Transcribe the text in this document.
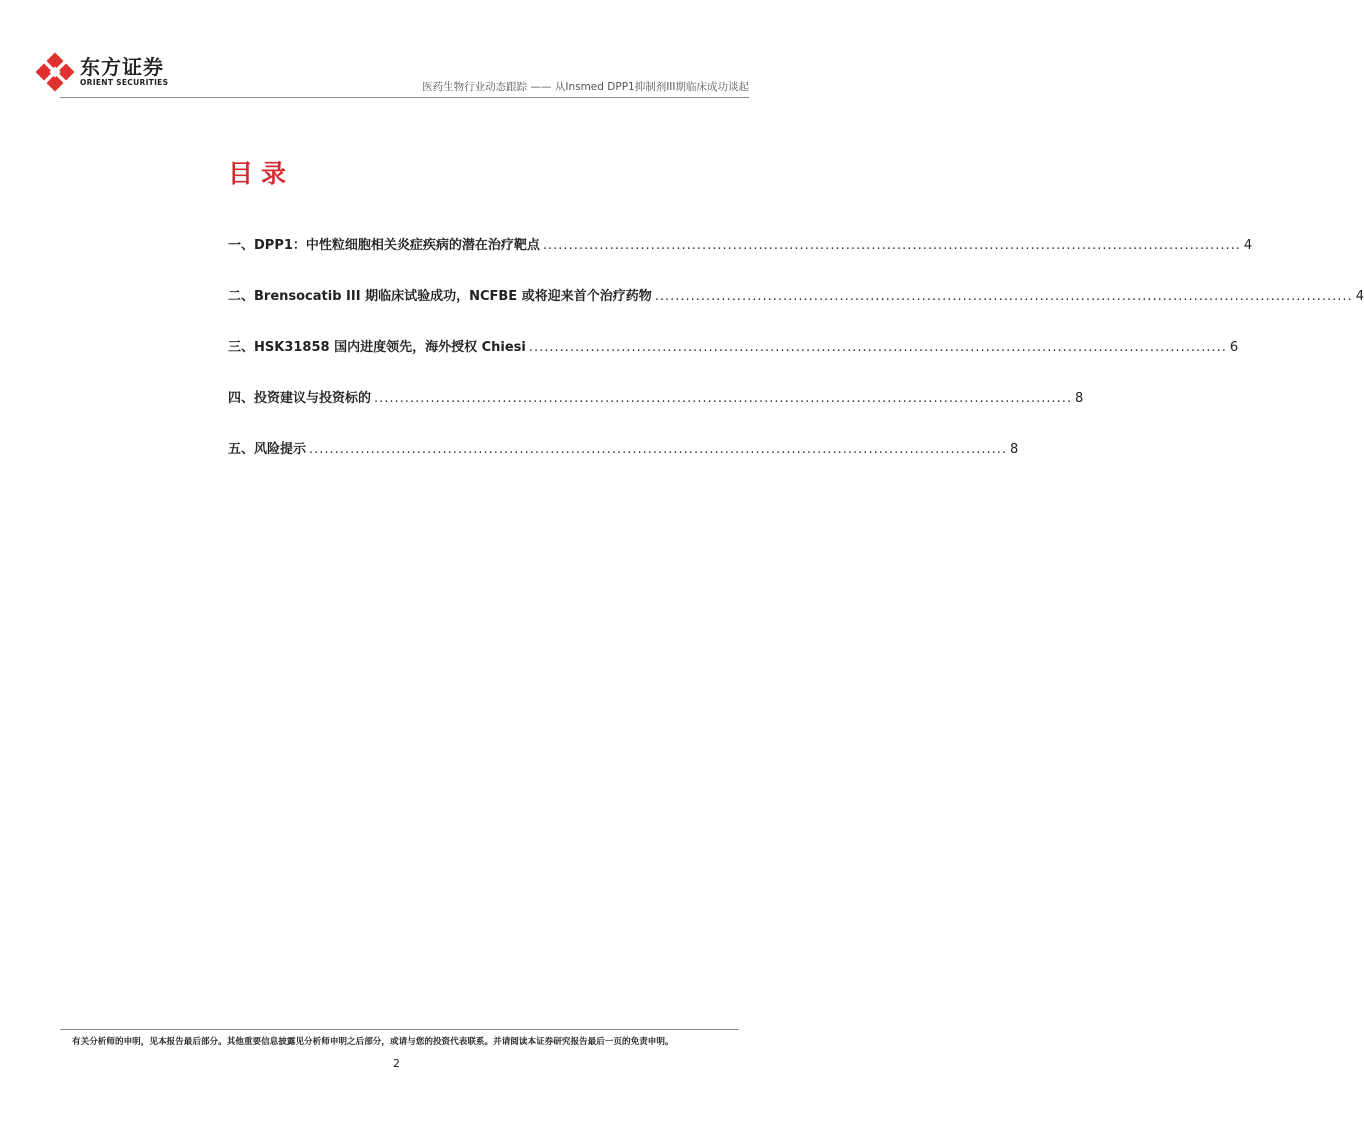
东方证券
ORIENT SECURITIES	医药生物行业动态跟踪 —— 从Insmed DPP1抑制剂III期临床成功谈起
目录
一、DPP1：中性粒细胞相关炎症疾病的潜在治疗靶点 ........................................................................................................................................ 4
二、Brensocatib III 期临床试验成功，NCFBE 或将迎来首个治疗药物 ........................................................................................................................................ 4
三、HSK31858 国内进度领先，海外授权 Chiesi ........................................................................................................................................ 6
四、投资建议与投资标的 ........................................................................................................................................ 8
五、风险提示 ........................................................................................................................................ 8
有关分析师的申明，见本报告最后部分。其他重要信息披露见分析师申明之后部分，或请与您的投资代表联系。并请阅读本证券研究报告最后一页的免责申明。
2
